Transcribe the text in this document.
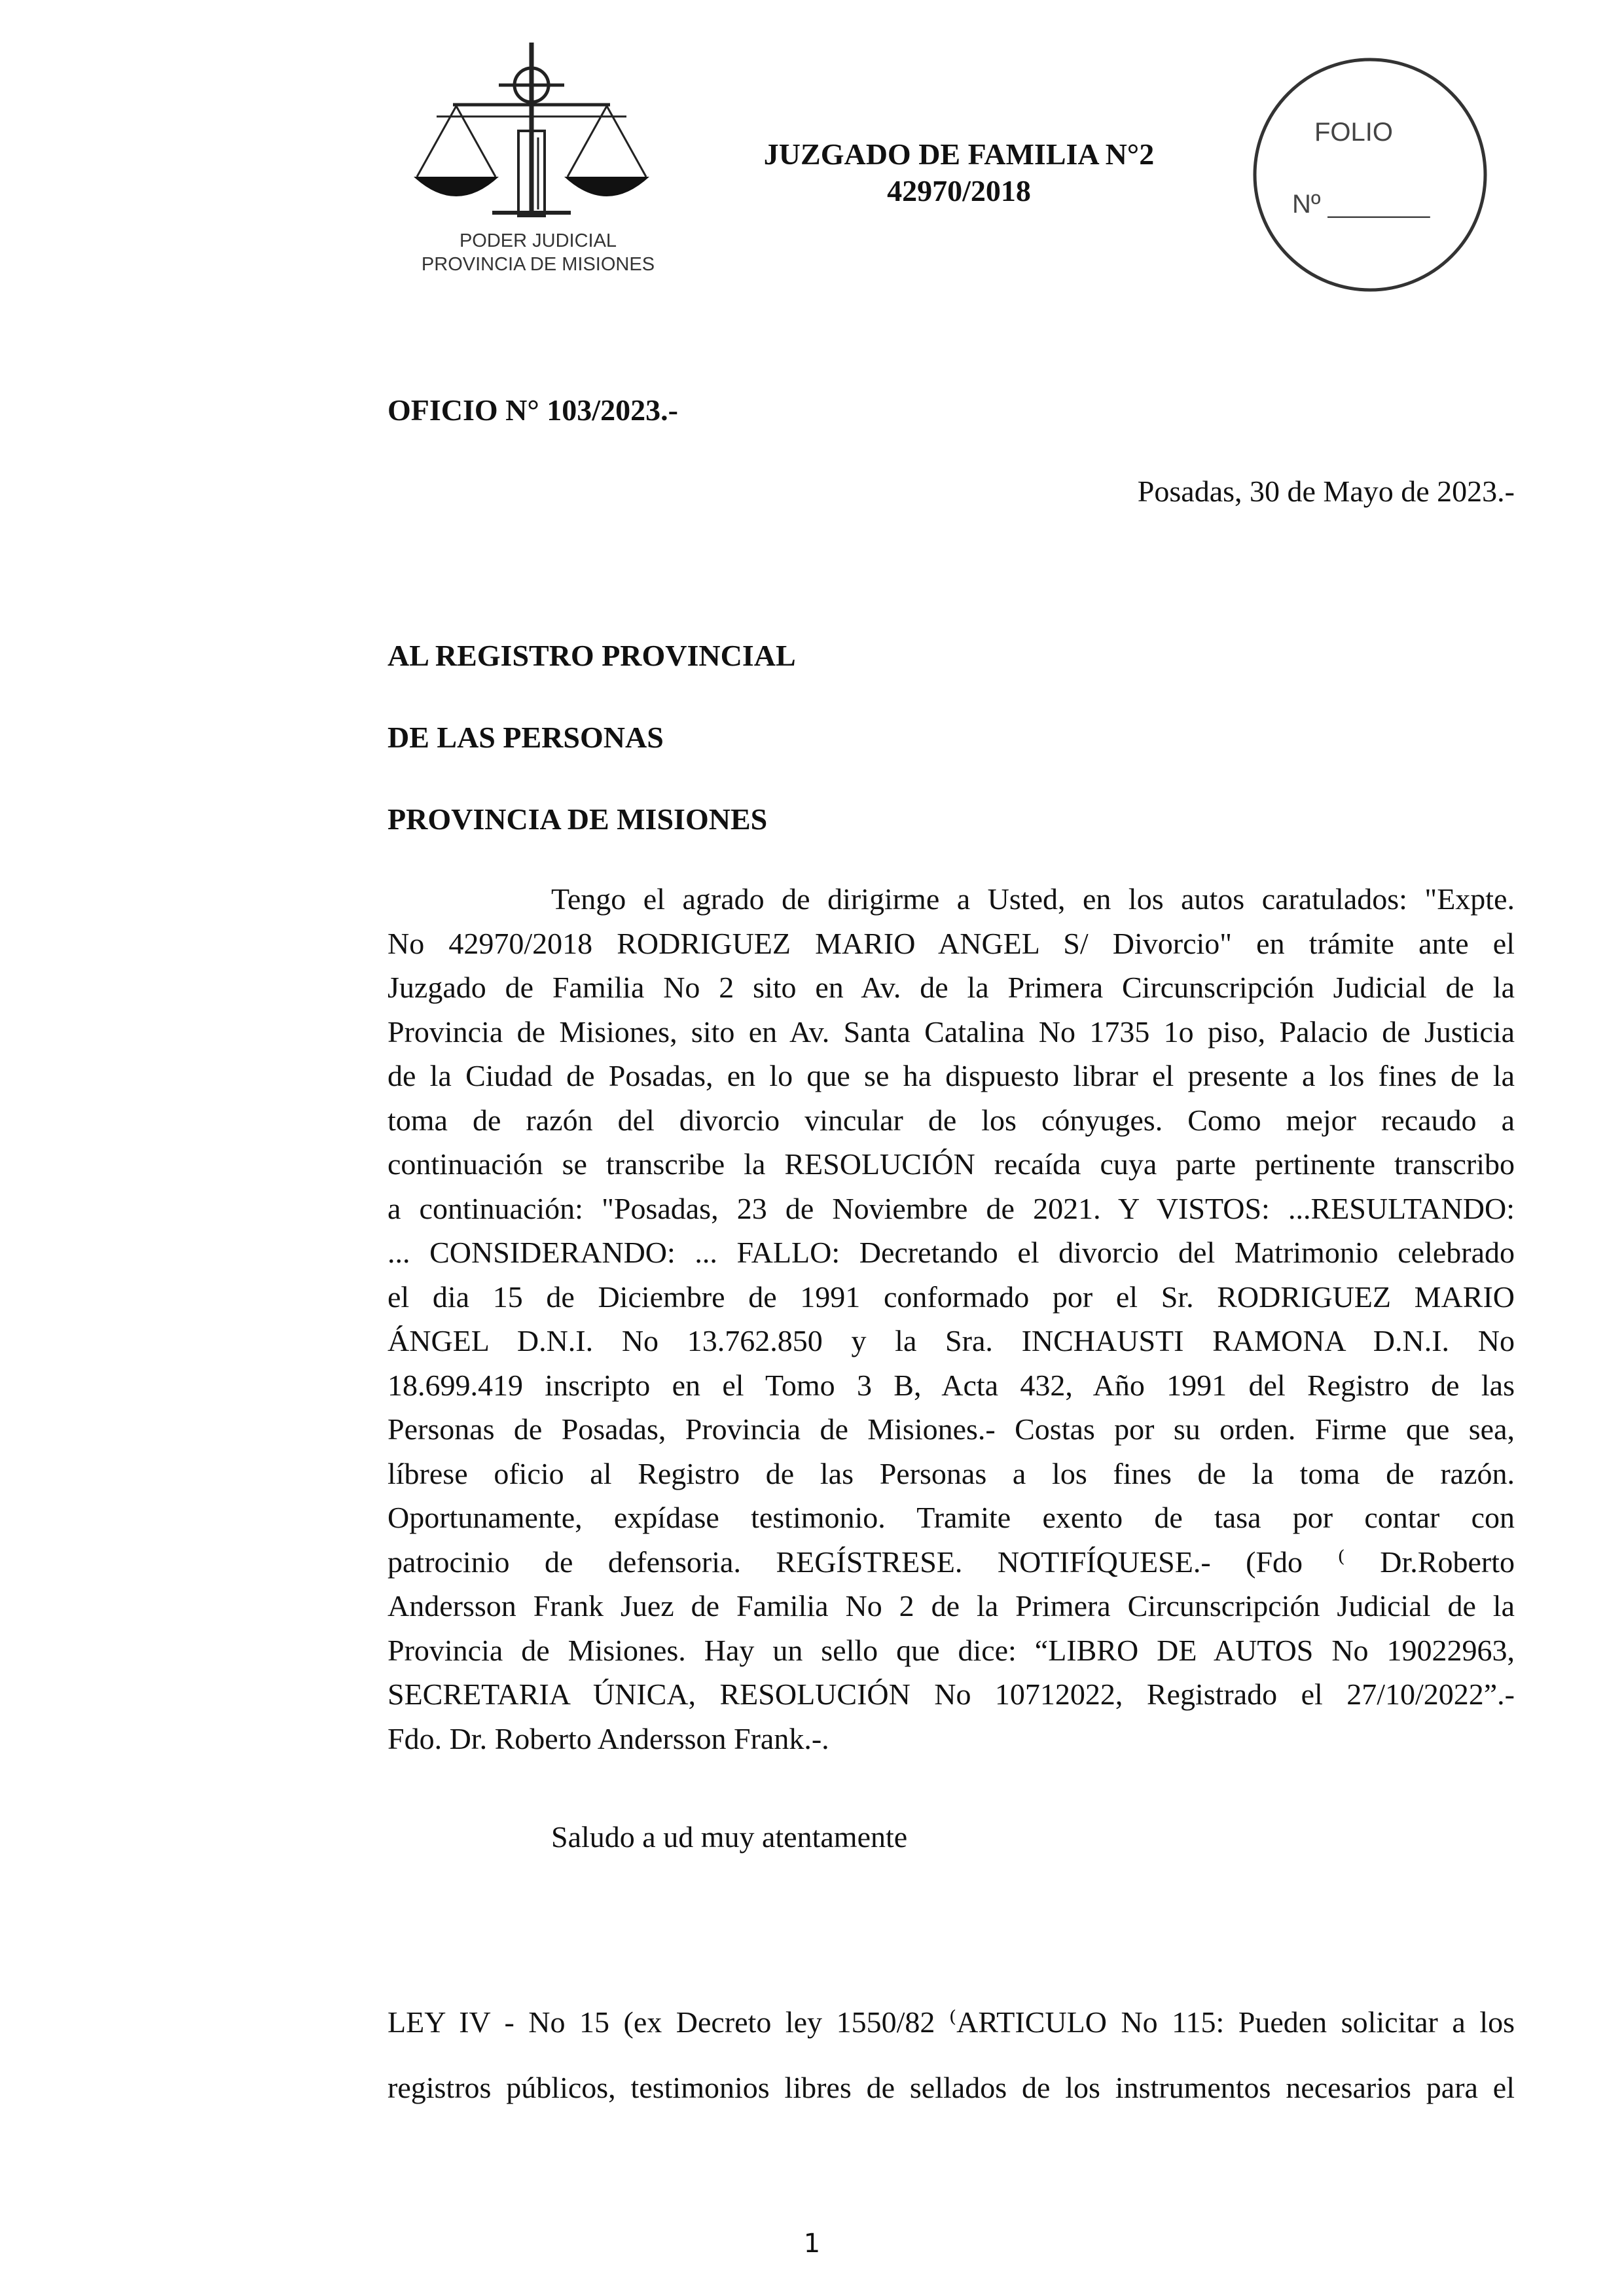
PODER JUDICIAL
PROVINCIA DE MISIONES
JUZGADO DE FAMILIA N°2
42970/2018
FOLIO
Nº _______
OFICIO N° 103/2023.-
Posadas, 30 de Mayo de 2023.-
AL REGISTRO PROVINCIAL
DE LAS PERSONAS
PROVINCIA DE MISIONES
Tengo el agrado de dirigirme a Usted, en los autos caratulados: "Expte.
No 42970/2018 RODRIGUEZ MARIO ANGEL S/ Divorcio" en trámite ante el
Juzgado de Familia No 2 sito en Av. de la Primera Circunscripción Judicial de la
Provincia de Misiones, sito en Av. Santa Catalina No 1735 1o piso, Palacio de Justicia
de la Ciudad de Posadas, en lo que se ha dispuesto librar el presente a los fines de la
toma de razón del divorcio vincular de los cónyuges. Como mejor recaudo a
continuación se transcribe la RESOLUCIÓN recaída cuya parte pertinente transcribo
a continuación: "Posadas, 23 de Noviembre de 2021. Y VISTOS: ...RESULTANDO:
... CONSIDERANDO: ... FALLO: Decretando el divorcio del Matrimonio celebrado
el dia 15 de Diciembre de 1991 conformado por el Sr. RODRIGUEZ MARIO
ÁNGEL D.N.I. No 13.762.850 y la Sra. INCHAUSTI RAMONA D.N.I. No
18.699.419 inscripto en el Tomo 3 B, Acta 432, Año 1991 del Registro de las
Personas de Posadas, Provincia de Misiones.- Costas por su orden. Firme que sea,
líbrese oficio al Registro de las Personas a los fines de la toma de razón.
Oportunamente, expídase testimonio. Tramite exento de tasa por contar con
patrocinio de defensoria. REGÍSTRESE. NOTIFÍQUESE.- (Fdo ⁽ Dr.Roberto
Andersson Frank Juez de Familia No 2 de la Primera Circunscripción Judicial de la
Provincia de Misiones. Hay un sello que dice: “LIBRO DE AUTOS No 19022963,
SECRETARIA ÚNICA, RESOLUCIÓN No 10712022, Registrado el 27/10/2022”.-
Fdo. Dr. Roberto Andersson Frank.-.
Saludo a ud muy atentamente
LEY IV - No 15 (ex Decreto ley 1550/82 ⁽ARTICULO No 115: Pueden solicitar a los
registros públicos, testimonios libres de sellados de los instrumentos necesarios para el
1
